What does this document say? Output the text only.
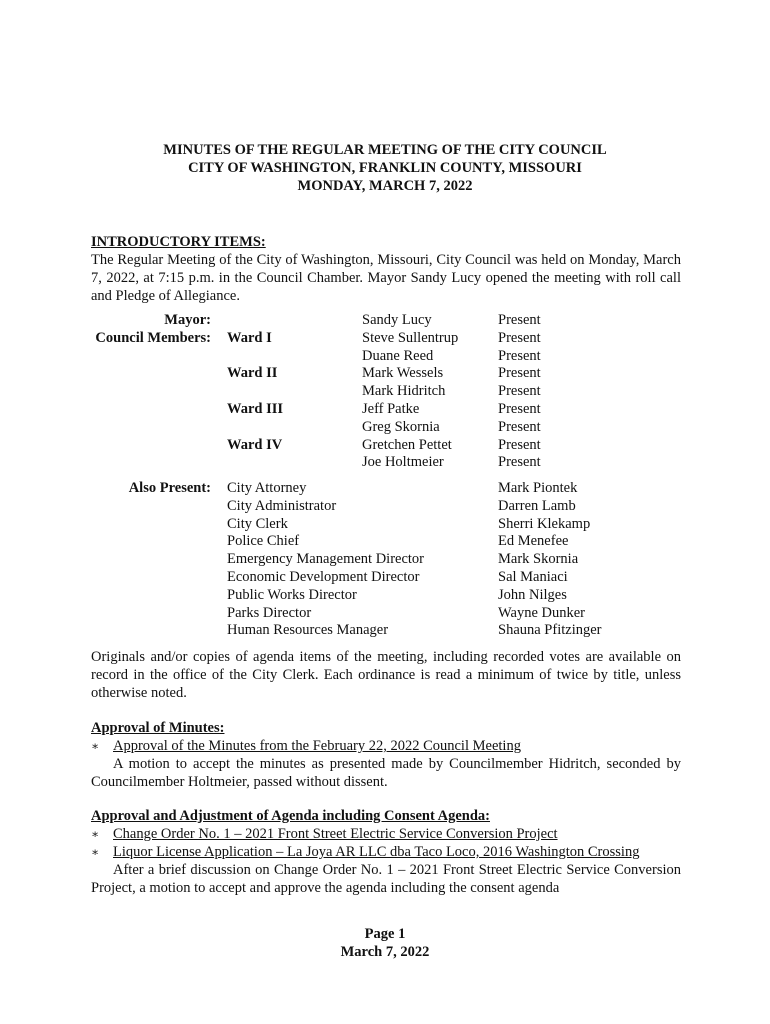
MINUTES OF THE REGULAR MEETING OF THE CITY COUNCIL
CITY OF WASHINGTON, FRANKLIN COUNTY, MISSOURI
MONDAY, MARCH 7, 2022
INTRODUCTORY ITEMS:
The Regular Meeting of the City of Washington, Missouri, City Council was held on Monday, March 7, 2022, at 7:15 p.m. in the Council Chamber. Mayor Sandy Lucy opened the meeting with roll call and Pledge of Allegiance.
Mayor:	Sandy Lucy	Present
Council Members: Ward I	Steve Sullentrup	Present
Duane Reed	Present
Ward II	Mark Wessels	Present
Mark Hidritch	Present
Ward III	Jeff Patke	Present
Greg Skornia	Present
Ward IV	Gretchen Pettet	Present
Joe Holtmeier	Present
Also Present: City Attorney	Mark Piontek
City Administrator	Darren Lamb
City Clerk	Sherri Klekamp
Police Chief	Ed Menefee
Emergency Management Director	Mark Skornia
Economic Development Director	Sal Maniaci
Public Works Director	John Nilges
Parks Director	Wayne Dunker
Human Resources Manager	Shauna Pfitzinger
Originals and/or copies of agenda items of the meeting, including recorded votes are available on record in the office of the City Clerk. Each ordinance is read a minimum of twice by title, unless otherwise noted.
Approval of Minutes:
∗ Approval of the Minutes from the February 22, 2022 Council Meeting
A motion to accept the minutes as presented made by Councilmember Hidritch, seconded by Councilmember Holtmeier, passed without dissent.
Approval and Adjustment of Agenda including Consent Agenda:
∗ Change Order No. 1 – 2021 Front Street Electric Service Conversion Project
∗ Liquor License Application – La Joya AR LLC dba Taco Loco, 2016 Washington Crossing
After a brief discussion on Change Order No. 1 – 2021 Front Street Electric Service Conversion Project, a motion to accept and approve the agenda including the consent agenda
Page 1
March 7, 2022
